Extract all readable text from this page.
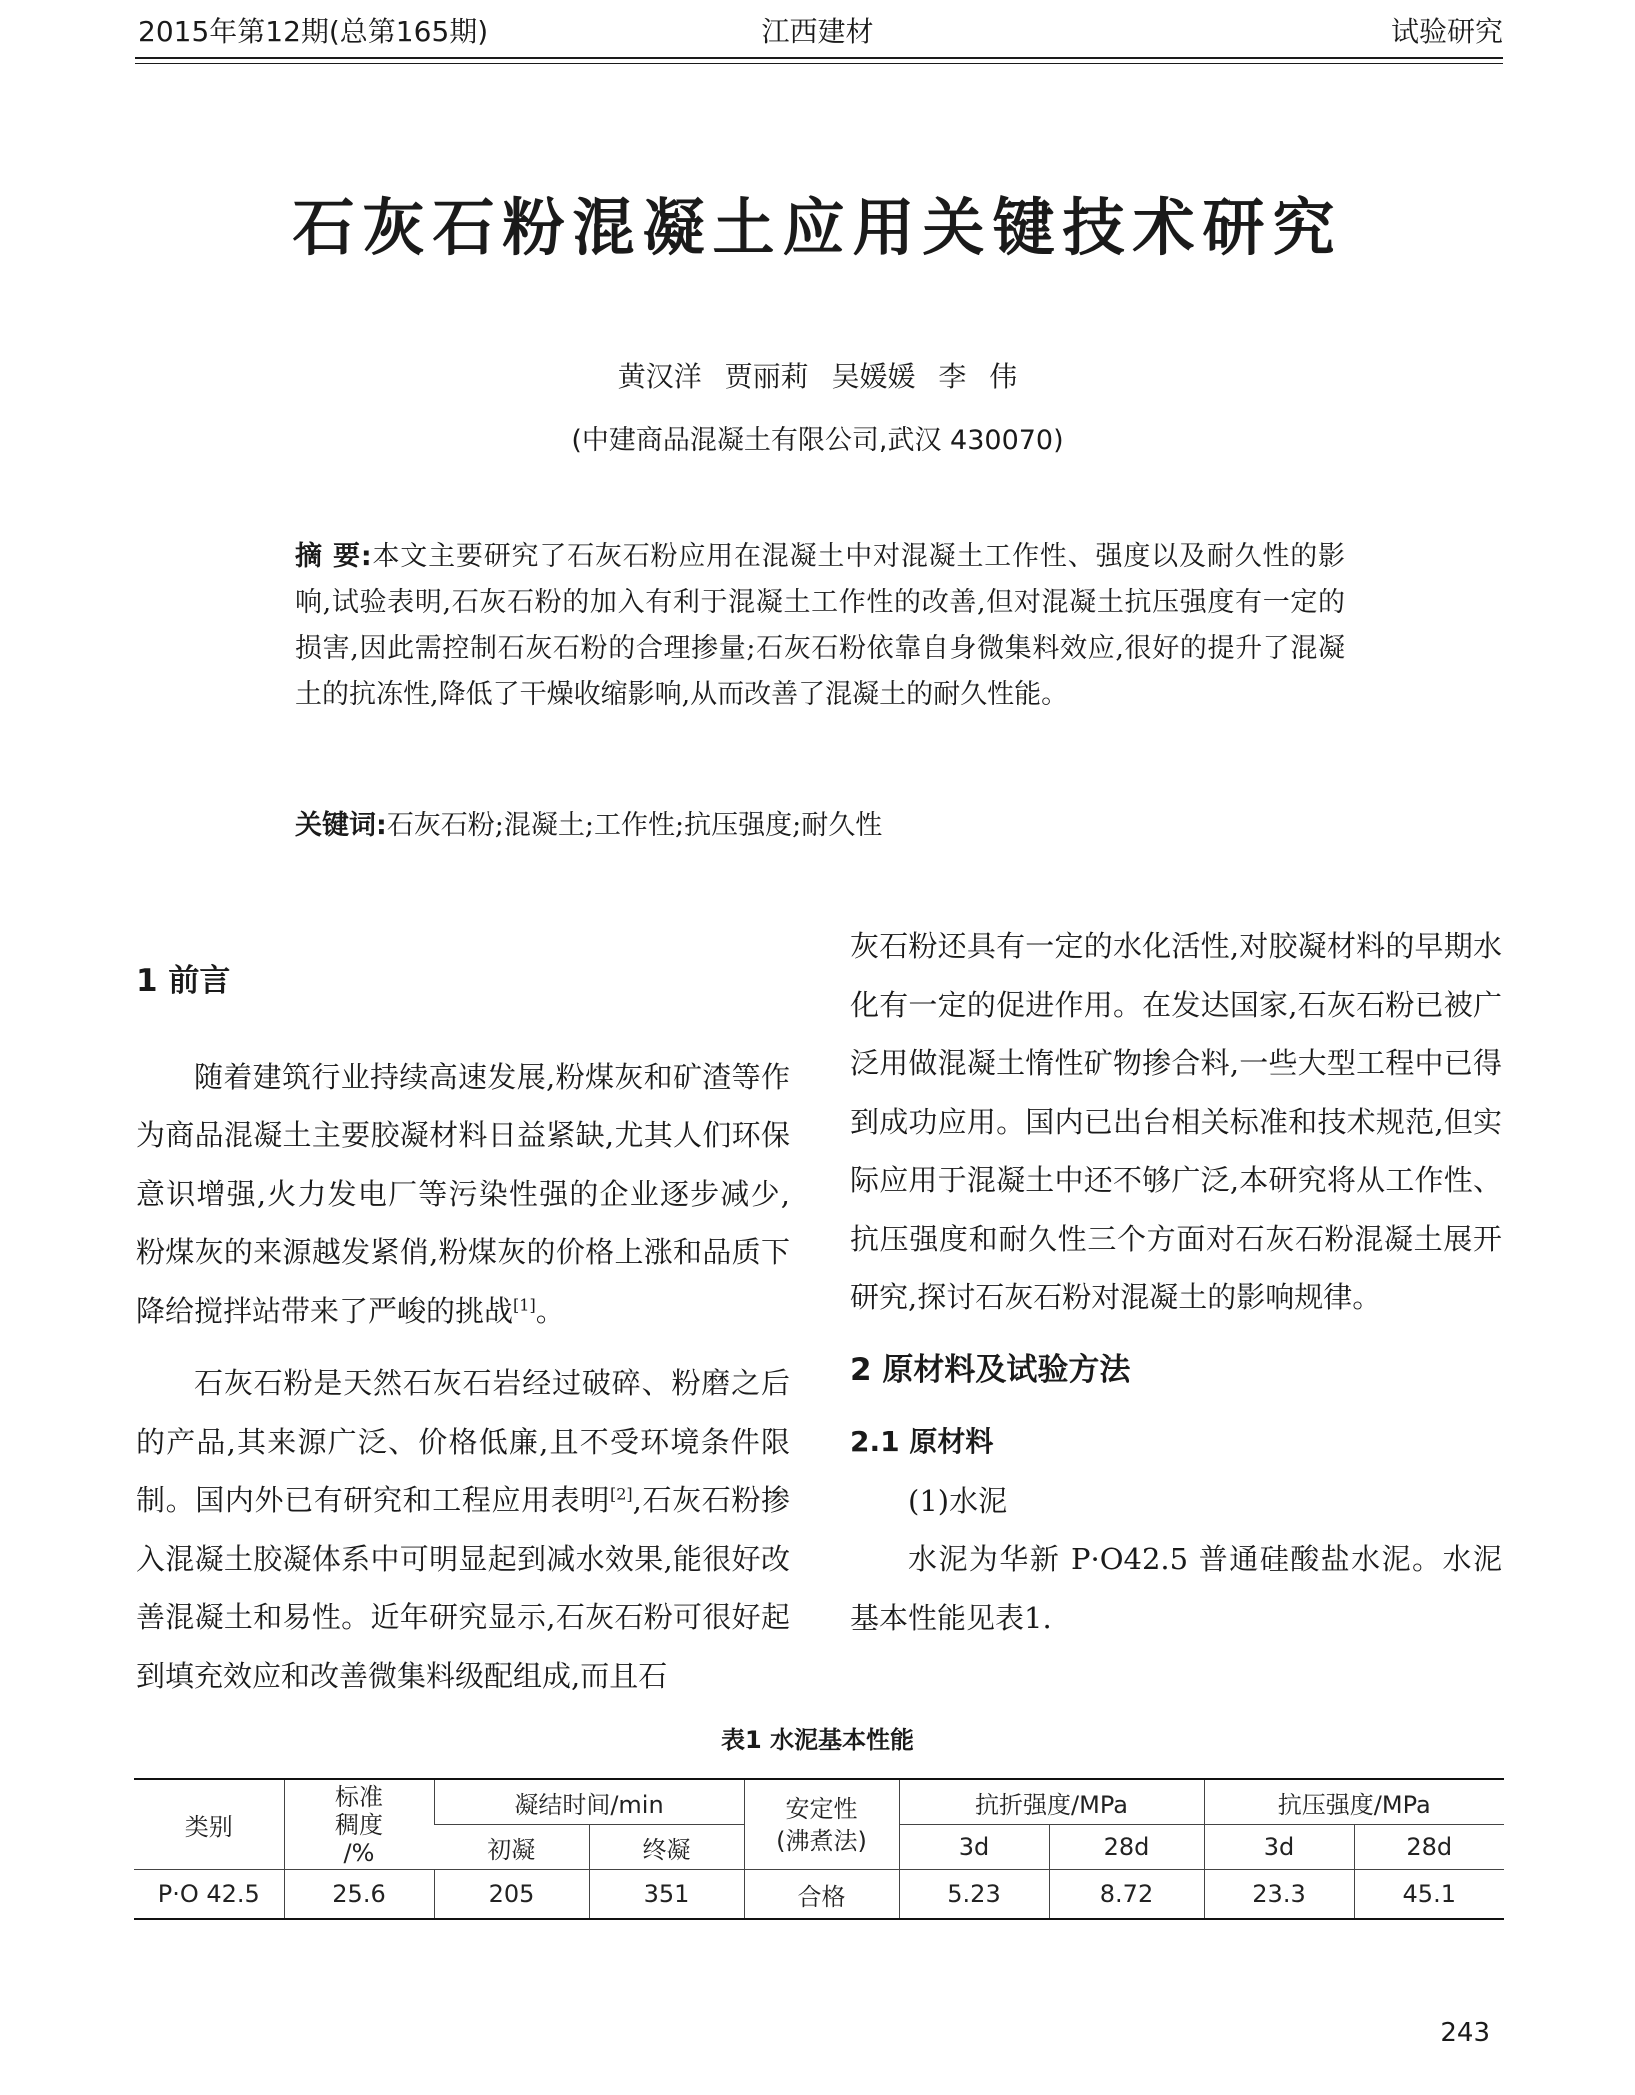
2015年第12期(总第165期)	江西建材	试验研究
石灰石粉混凝土应用关键技术研究
黄汉洋 贾丽莉 吴媛媛 李 伟
(中建商品混凝土有限公司,武汉 430070)
摘 要:本文主要研究了石灰石粉应用在混凝土中对混凝土工作性、强度以及耐久性的影响,试验表明,石灰石粉的加入有利于混凝土工作性的改善,但对混凝土抗压强度有一定的损害,因此需控制石灰石粉的合理掺量;石灰石粉依靠自身微集料效应,很好的提升了混凝土的抗冻性,降低了干燥收缩影响,从而改善了混凝土的耐久性能。
关键词:石灰石粉;混凝土;工作性;抗压强度;耐久性
1 前言

随着建筑行业持续高速发展,粉煤灰和矿渣等作为商品混凝土主要胶凝材料日益紧缺,尤其人们环保意识增强,火力发电厂等污染性强的企业逐步减少,粉煤灰的来源越发紧俏,粉煤灰的价格上涨和品质下降给搅拌站带来了严峻的挑战[1]。

石灰石粉是天然石灰石岩经过破碎、粉磨之后的产品,其来源广泛、价格低廉,且不受环境条件限制。国内外已有研究和工程应用表明[2],石灰石粉掺入混凝土胶凝体系中可明显起到减水效果,能很好改善混凝土和易性。近年研究显示,石灰石粉可很好起到填充效应和改善微集料级配组成,而且石

灰石粉还具有一定的水化活性,对胶凝材料的早期水化有一定的促进作用。在发达国家,石灰石粉已被广泛用做混凝土惰性矿物掺合料,一些大型工程中已得到成功应用。国内已出台相关标准和技术规范,但实际应用于混凝土中还不够广泛,本研究将从工作性、抗压强度和耐久性三个方面对石灰石粉混凝土展开研究,探讨石灰石粉对混凝土的影响规律。

2 原材料及试验方法
2.1 原材料

(1)水泥

水泥为华新 P·O42.5 普通硅酸盐水泥。水泥基本性能见表1.

表1 水泥基本性能
类别	标准
稠度
/%	凝结时间/min		安定性
(沸煮法)	抗折强度/MPa		抗压强度/MPa	
		初凝	终凝		3d	28d	3d	28d
P·O 42.5	25.6	205	351	合格	5.23	8.72	23.3	45.1
243
